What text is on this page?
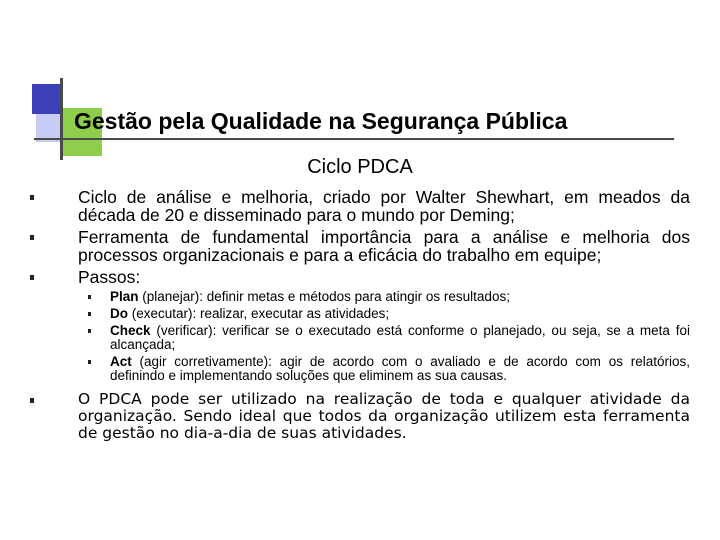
Gestão pela Qualidade na Segurança Pública
Ciclo PDCA
Ciclo de análise e melhoria, criado por Walter Shewhart, em meados da década de 20 e disseminado para o mundo por Deming;
Ferramenta de fundamental importância para a análise e melhoria dos processos organizacionais e para a eficácia do trabalho em equipe;
Passos:
Plan (planejar): definir metas e métodos para atingir os resultados;
Do (executar): realizar, executar as atividades;
Check (verificar): verificar se o executado está conforme o planejado, ou seja, se a meta foi alcançada;
Act (agir corretivamente): agir de acordo com o avaliado e de acordo com os relatórios, definindo e implementando soluções que eliminem as sua causas.
O PDCA pode ser utilizado na realização de toda e qualquer atividade da organização. Sendo ideal que todos da organização utilizem esta ferramenta de gestão no dia-a-dia de suas atividades.
